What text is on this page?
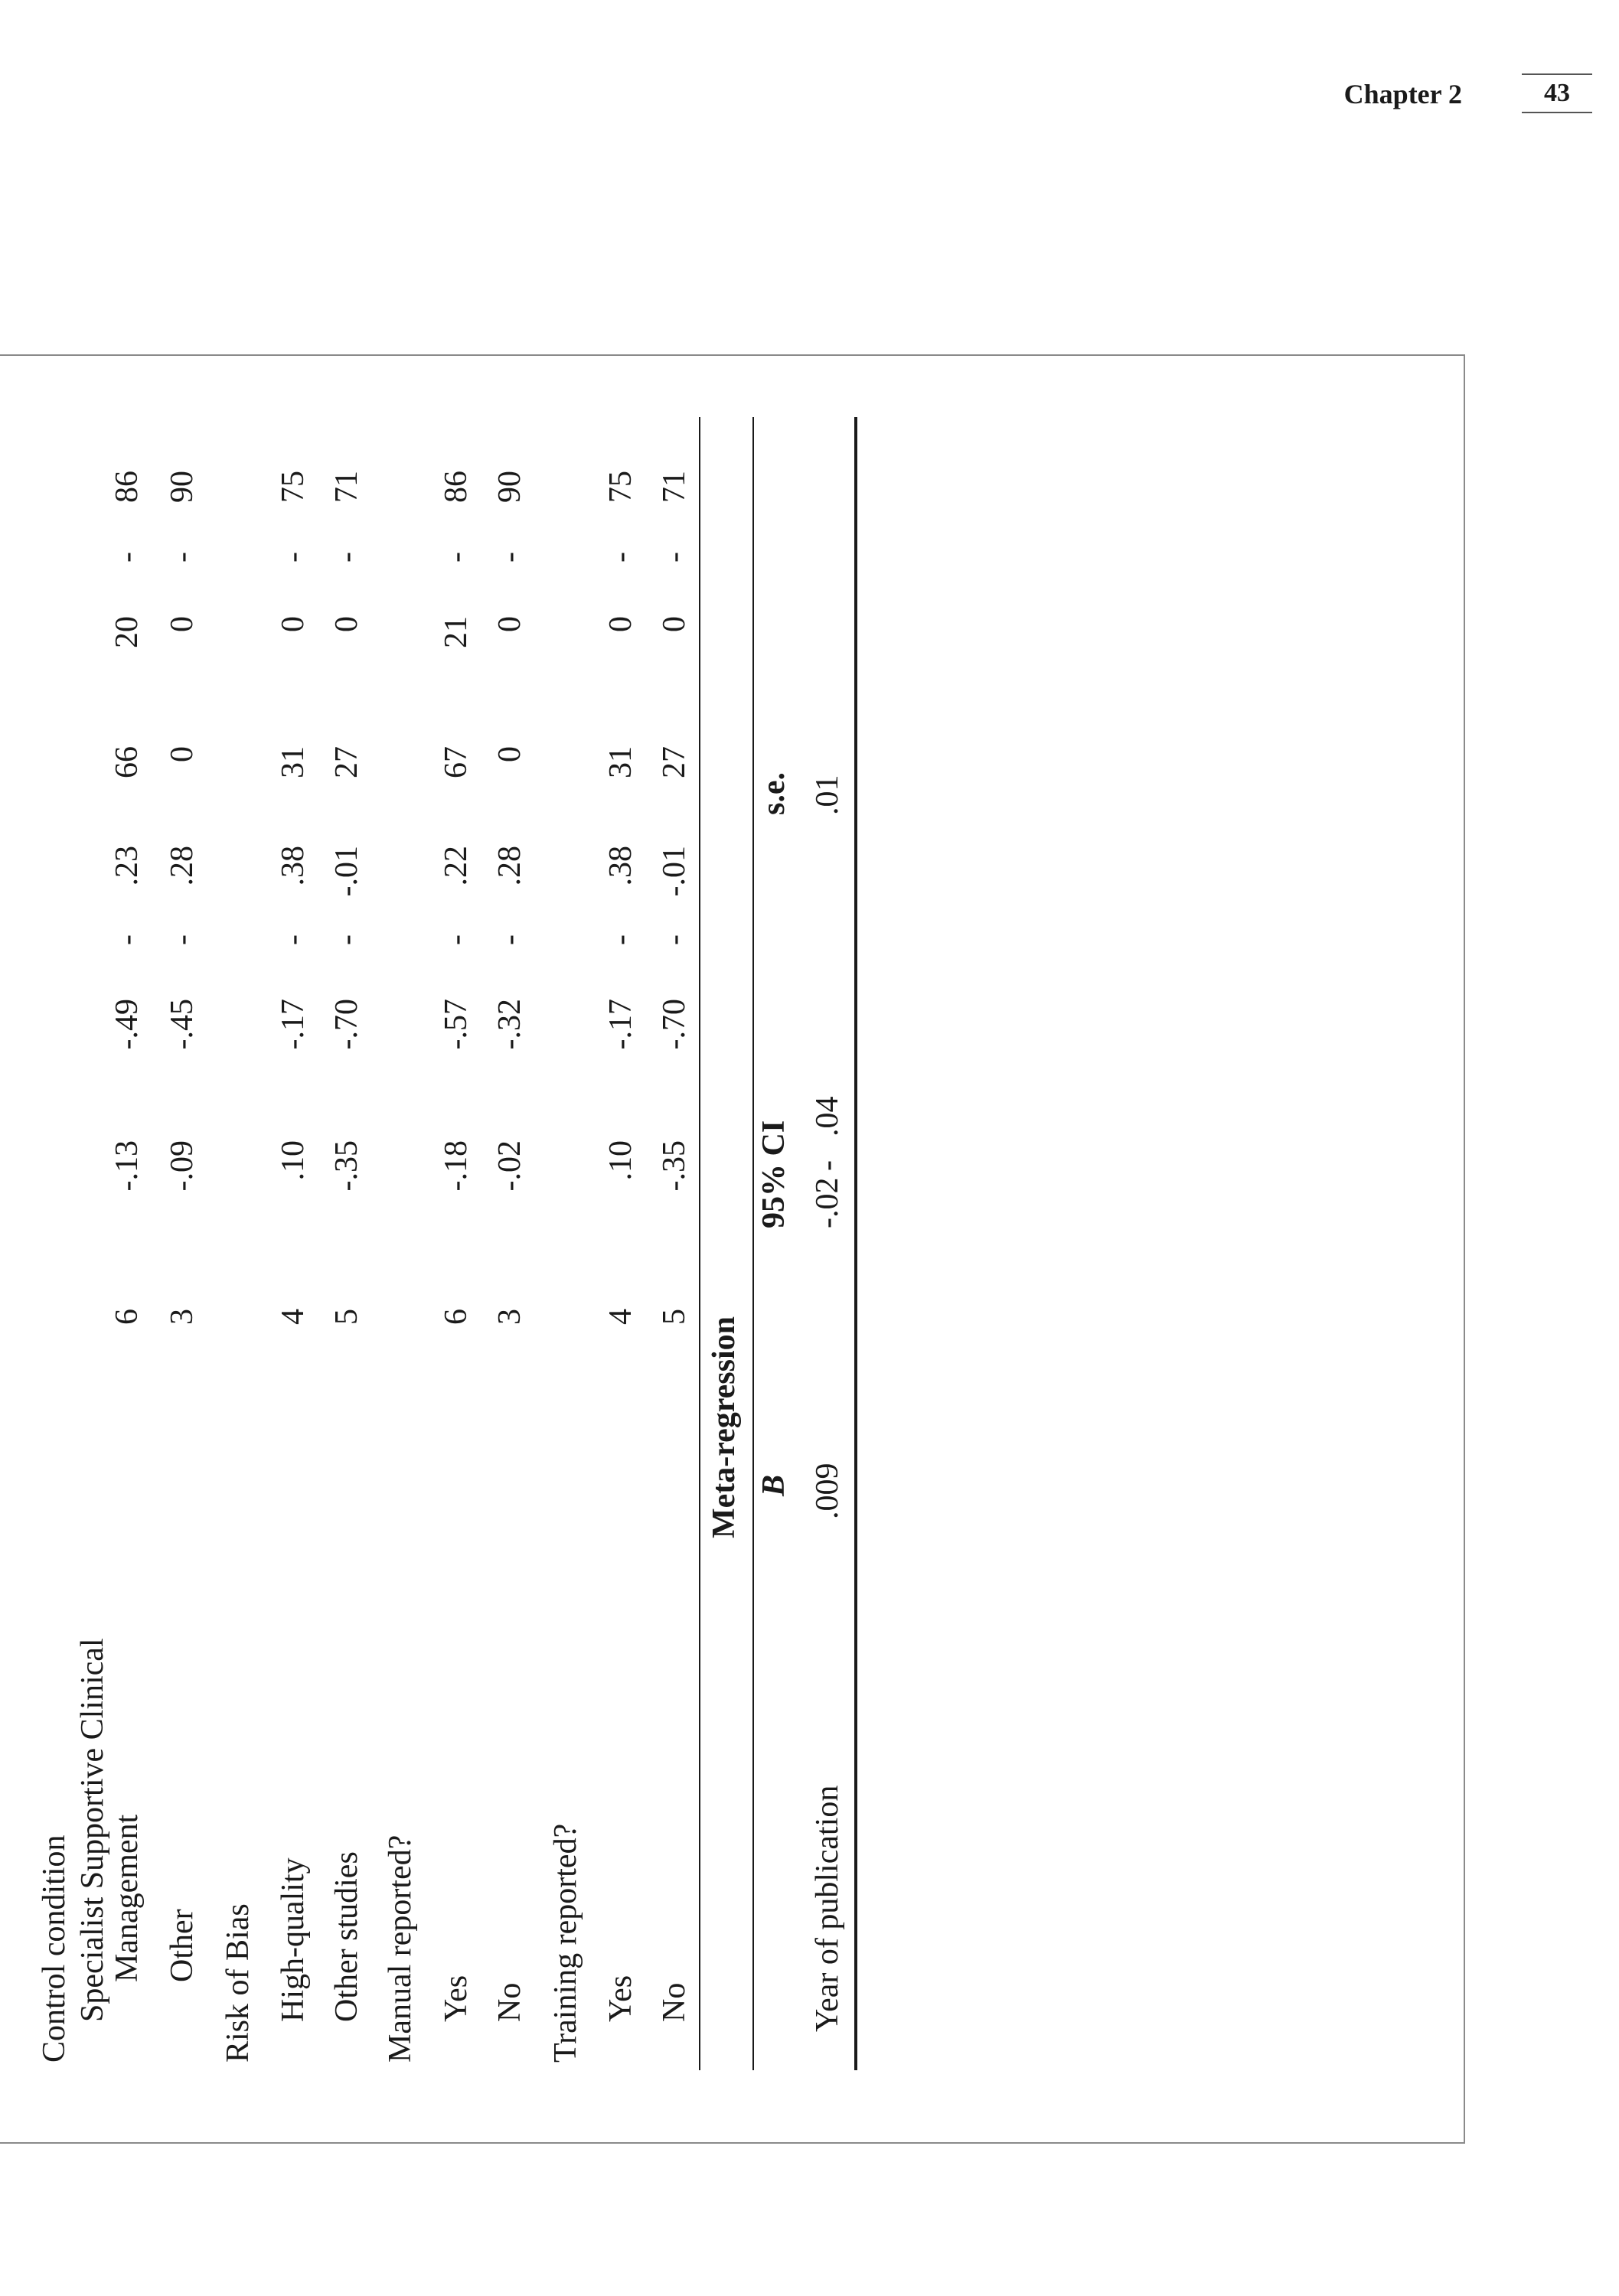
Chapter 2	43
Control condition Specialist Supportive Clinical Management
6
-.13
-.49
-
.23
66
20
-
86
Other
3
-.09
-.45
-
.28
0
0
-
90
Risk of Bias High-quality
4
.10
-.17
-
.38
31
0
-
75
Other studies
5
-.35
-.70
-
-.01
27
0
-
71
Manual reported? Yes
6
-.18
-.57
-
.22
67
21
-
86
No
3
-.02
-.32
-
.28
0
0
-
90
Training reported? Yes
4
.10
-.17
-
.38
31
0
-
75
No
5
-.35
-.70
-
-.01
27
0
-
71
Meta-regression B
95% CI
s.e.
Year of publication
.009
-.02
-
.04
.01
